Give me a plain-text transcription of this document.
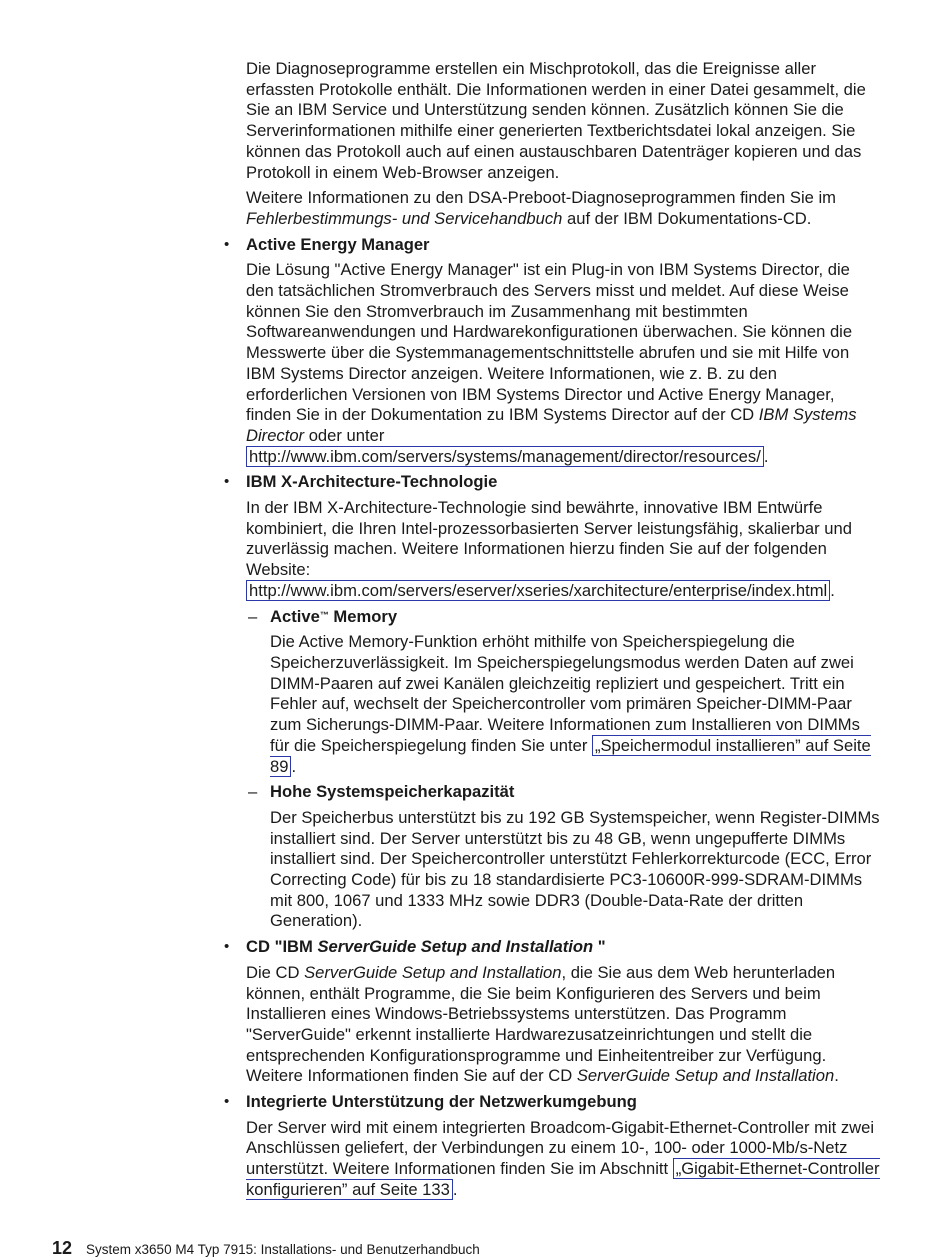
Die Diagnoseprogramme erstellen ein Mischprotokoll, das die Ereignisse aller erfassten Protokolle enthält. Die Informationen werden in einer Datei gesammelt, die Sie an IBM Service und Unterstützung senden können. Zusätzlich können Sie die Serverinformationen mithilfe einer generierten Textberichtsdatei lokal anzeigen. Sie können das Protokoll auch auf einen austauschbaren Datenträger kopieren und das Protokoll in einem Web-Browser anzeigen.

Weitere Informationen zu den DSA-Preboot-Diagnoseprogrammen finden Sie im Fehlerbestimmungs- und Servicehandbuch auf der IBM Dokumentations-CD.

• Active Energy Manager

Die Lösung "Active Energy Manager" ist ein Plug-in von IBM Systems Director, die den tatsächlichen Stromverbrauch des Servers misst und meldet. Auf diese Weise können Sie den Stromverbrauch im Zusammenhang mit bestimmten Softwareanwendungen und Hardwarekonfigurationen überwachen. Sie können die Messwerte über die Systemmanagementschnittstelle abrufen und sie mit Hilfe von IBM Systems Director anzeigen. Weitere Informationen, wie z. B. zu den erforderlichen Versionen von IBM Systems Director und Active Energy Manager, finden Sie in der Dokumentation zu IBM Systems Director auf der CD IBM Systems Director oder unter http://www.ibm.com/servers/systems/management/director/resources/ .

• IBM X-Architecture-Technologie

In der IBM X-Architecture-Technologie sind bewährte, innovative IBM Entwürfe kombiniert, die Ihren Intel-prozessorbasierten Server leistungsfähig, skalierbar und zuverlässig machen. Weitere Informationen hierzu finden Sie auf der folgenden Website: http://www.ibm.com/servers/eserver/xseries/xarchitecture/enterprise/index.html .

– Active™ Memory

Die Active Memory-Funktion erhöht mithilfe von Speicherspiegelung die Speicherzuverlässigkeit. Im Speicherspiegelungsmodus werden Daten auf zwei DIMM-Paaren auf zwei Kanälen gleichzeitig repliziert und gespeichert. Tritt ein Fehler auf, wechselt der Speichercontroller vom primären Speicher-DIMM-Paar zum Sicherungs-DIMM-Paar. Weitere Informationen zum Installieren von DIMMs für die Speicherspiegelung finden Sie unter „Speichermodul installieren” auf Seite 89 .

– Hohe Systemspeicherkapazität

Der Speicherbus unterstützt bis zu 192 GB Systemspeicher, wenn Register-DIMMs installiert sind. Der Server unterstützt bis zu 48 GB, wenn ungepufferte DIMMs installiert sind. Der Speichercontroller unterstützt Fehlerkorrekturcode (ECC, Error Correcting Code) für bis zu 18 standardisierte PC3-10600R-999-SDRAM-DIMMs mit 800, 1067 und 1333 MHz sowie DDR3 (Double-Data-Rate der dritten Generation).

• CD "IBM ServerGuide Setup and Installation "

Die CD ServerGuide Setup and Installation, die Sie aus dem Web herunterladen können, enthält Programme, die Sie beim Konfigurieren des Servers und beim Installieren eines Windows-Betriebssystems unterstützen. Das Programm "ServerGuide" erkennt installierte Hardwarezusatzeinrichtungen und stellt die entsprechenden Konfigurationsprogramme und Einheitentreiber zur Verfügung. Weitere Informationen finden Sie auf der CD ServerGuide Setup and Installation.

• Integrierte Unterstützung der Netzwerkumgebung

Der Server wird mit einem integrierten Broadcom-Gigabit-Ethernet-Controller mit zwei Anschlüssen geliefert, der Verbindungen zu einem 10-, 100- oder 1000-Mb/s-Netz unterstützt. Weitere Informationen finden Sie im Abschnitt „Gigabit-Ethernet-Controller konfigurieren” auf Seite 133 .

12 System x3650 M4 Typ 7915: Installations- und Benutzerhandbuch
